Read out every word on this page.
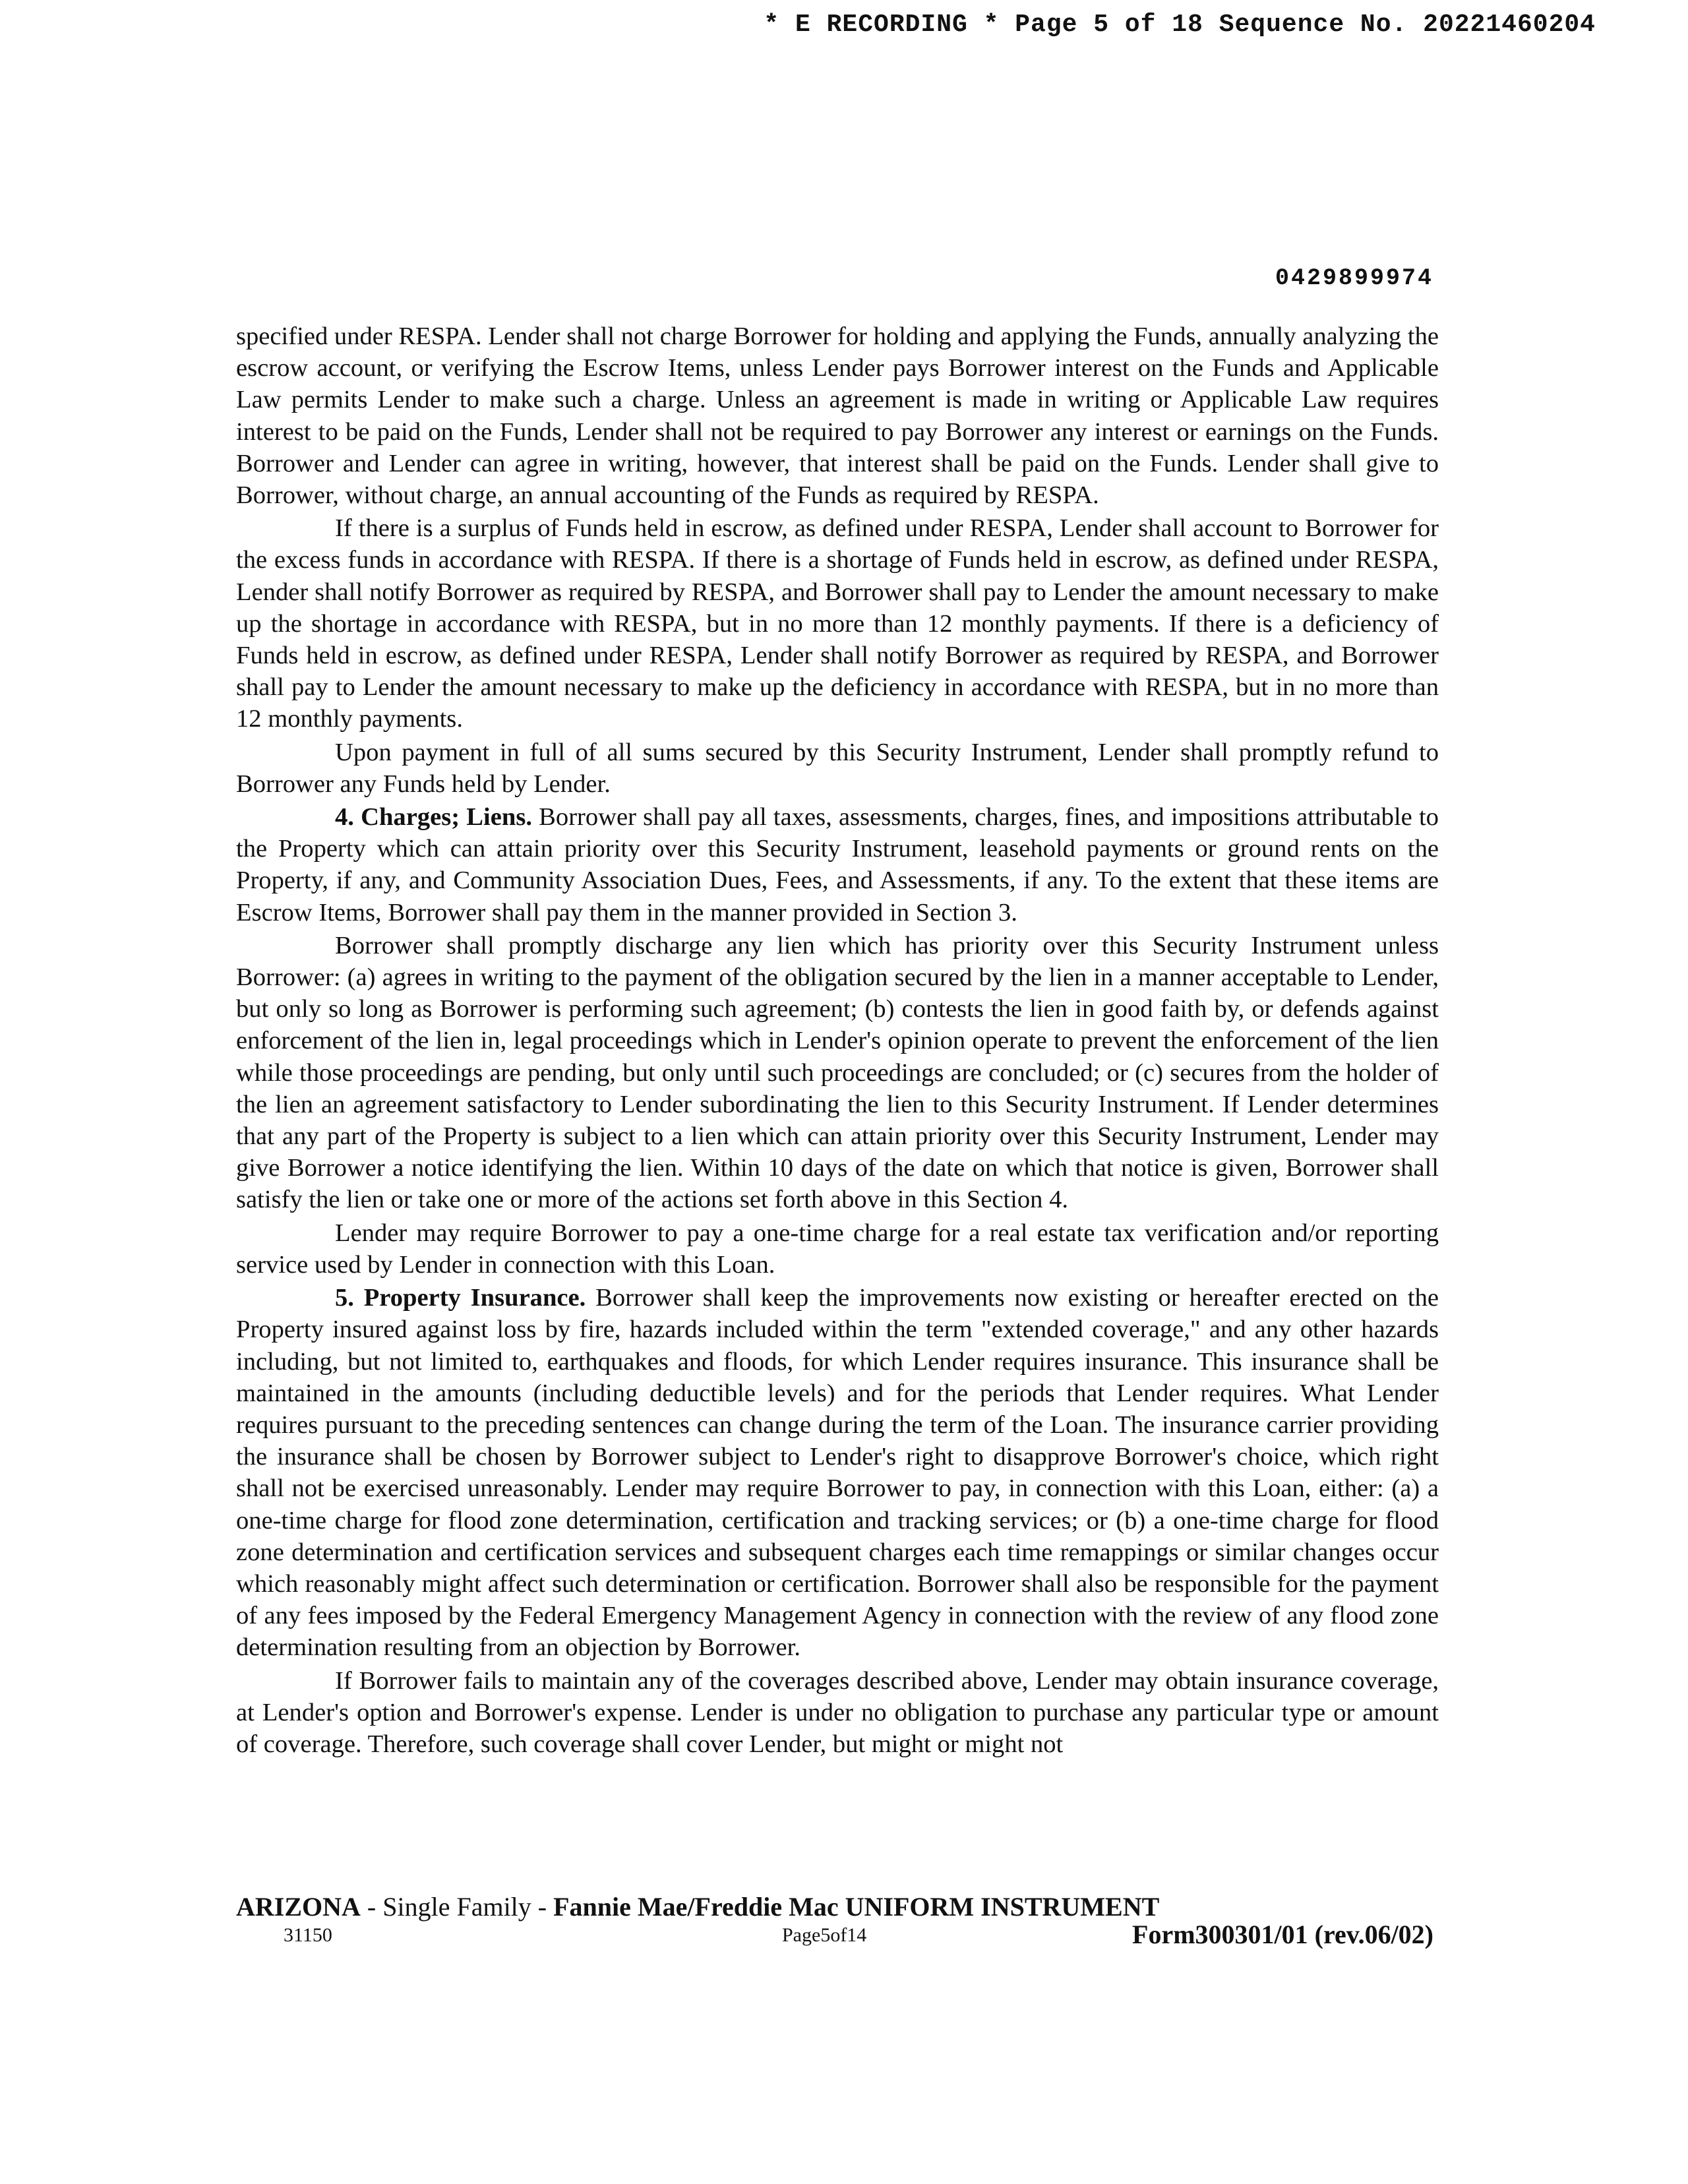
* E RECORDING * Page 5 of 18 Sequence No. 20221460204
0429899974

specified under RESPA. Lender shall not charge Borrower for holding and applying the Funds, annually analyzing the escrow account, or verifying the Escrow Items, unless Lender pays Borrower interest on the Funds and Applicable Law permits Lender to make such a charge. Unless an agreement is made in writing or Applicable Law requires interest to be paid on the Funds, Lender shall not be required to pay Borrower any interest or earnings on the Funds. Borrower and Lender can agree in writing, however, that interest shall be paid on the Funds. Lender shall give to Borrower, without charge, an annual accounting of the Funds as required by RESPA.

If there is a surplus of Funds held in escrow, as defined under RESPA, Lender shall account to Borrower for the excess funds in accordance with RESPA. If there is a shortage of Funds held in escrow, as defined under RESPA, Lender shall notify Borrower as required by RESPA, and Borrower shall pay to Lender the amount necessary to make up the shortage in accordance with RESPA, but in no more than 12 monthly payments. If there is a deficiency of Funds held in escrow, as defined under RESPA, Lender shall notify Borrower as required by RESPA, and Borrower shall pay to Lender the amount necessary to make up the deficiency in accordance with RESPA, but in no more than 12 monthly payments.

Upon payment in full of all sums secured by this Security Instrument, Lender shall promptly refund to Borrower any Funds held by Lender.

4. Charges; Liens. Borrower shall pay all taxes, assessments, charges, fines, and impositions attributable to the Property which can attain priority over this Security Instrument, leasehold payments or ground rents on the Property, if any, and Community Association Dues, Fees, and Assessments, if any. To the extent that these items are Escrow Items, Borrower shall pay them in the manner provided in Section 3.

Borrower shall promptly discharge any lien which has priority over this Security Instrument unless Borrower: (a) agrees in writing to the payment of the obligation secured by the lien in a manner acceptable to Lender, but only so long as Borrower is performing such agreement; (b) contests the lien in good faith by, or defends against enforcement of the lien in, legal proceedings which in Lender's opinion operate to prevent the enforcement of the lien while those proceedings are pending, but only until such proceedings are concluded; or (c) secures from the holder of the lien an agreement satisfactory to Lender subordinating the lien to this Security Instrument. If Lender determines that any part of the Property is subject to a lien which can attain priority over this Security Instrument, Lender may give Borrower a notice identifying the lien. Within 10 days of the date on which that notice is given, Borrower shall satisfy the lien or take one or more of the actions set forth above in this Section 4.

Lender may require Borrower to pay a one-time charge for a real estate tax verification and/or reporting service used by Lender in connection with this Loan.

5. Property Insurance. Borrower shall keep the improvements now existing or hereafter erected on the Property insured against loss by fire, hazards included within the term "extended coverage," and any other hazards including, but not limited to, earthquakes and floods, for which Lender requires insurance. This insurance shall be maintained in the amounts (including deductible levels) and for the periods that Lender requires. What Lender requires pursuant to the preceding sentences can change during the term of the Loan. The insurance carrier providing the insurance shall be chosen by Borrower subject to Lender's right to disapprove Borrower's choice, which right shall not be exercised unreasonably. Lender may require Borrower to pay, in connection with this Loan, either: (a) a one-time charge for flood zone determination, certification and tracking services; or (b) a one-time charge for flood zone determination and certification services and subsequent charges each time remappings or similar changes occur which reasonably might affect such determination or certification. Borrower shall also be responsible for the payment of any fees imposed by the Federal Emergency Management Agency in connection with the review of any flood zone determination resulting from an objection by Borrower.

If Borrower fails to maintain any of the coverages described above, Lender may obtain insurance coverage, at Lender's option and Borrower's expense. Lender is under no obligation to purchase any particular type or amount of coverage. Therefore, such coverage shall cover Lender, but might or might not

ARIZONA - Single Family - Fannie Mae/Freddie Mac UNIFORM INSTRUMENT
31150	Page5of14	Form300301/01 (rev.06/02)
